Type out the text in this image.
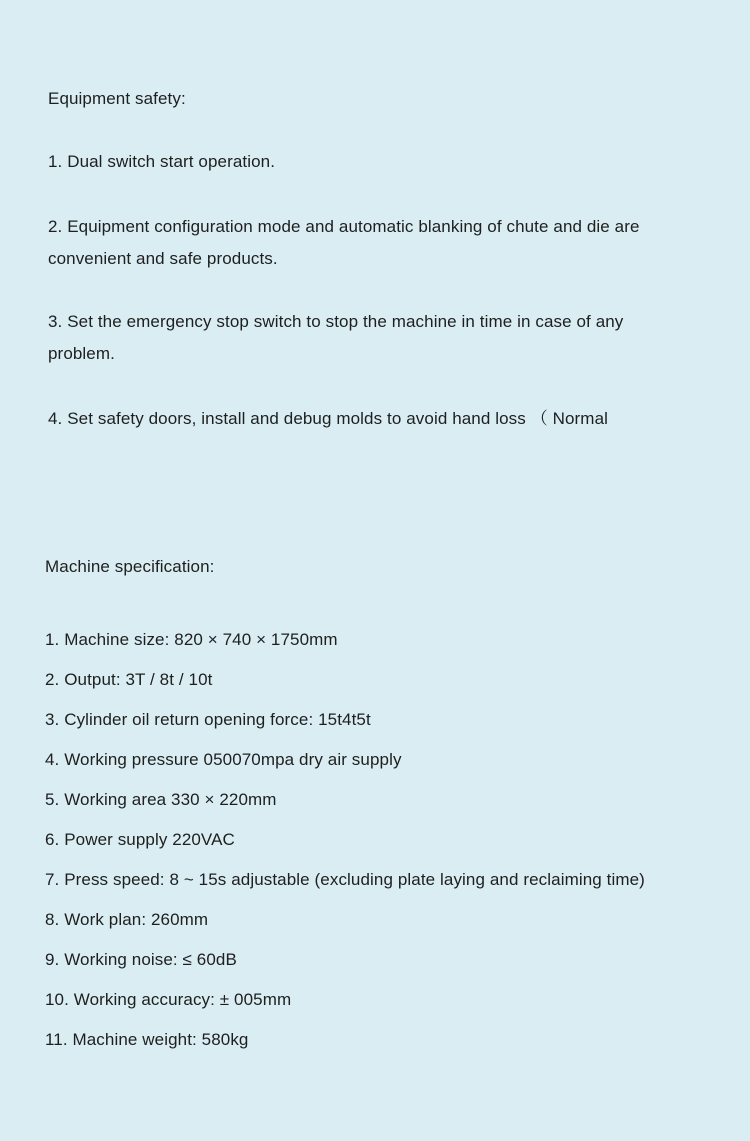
Equipment safety:
1. Dual switch start operation.
2. Equipment configuration mode and automatic blanking of chute and die are
convenient and safe products.
3. Set the emergency stop switch to stop the machine in time in case of any
problem.
4. Set safety doors, install and debug molds to avoid hand loss （ Normal
Machine specification:
1. Machine size: 820 × 740 × 1750mm
2. Output: 3T / 8t / 10t
3. Cylinder oil return opening force: 15t4t5t
4. Working pressure 050070mpa dry air supply
5. Working area 330 × 220mm
6. Power supply 220VAC
7. Press speed: 8 ~ 15s adjustable (excluding plate laying and reclaiming time)
8. Work plan: 260mm
9. Working noise: ≤ 60dB
10. Working accuracy: ± 005mm
11. Machine weight: 580kg
